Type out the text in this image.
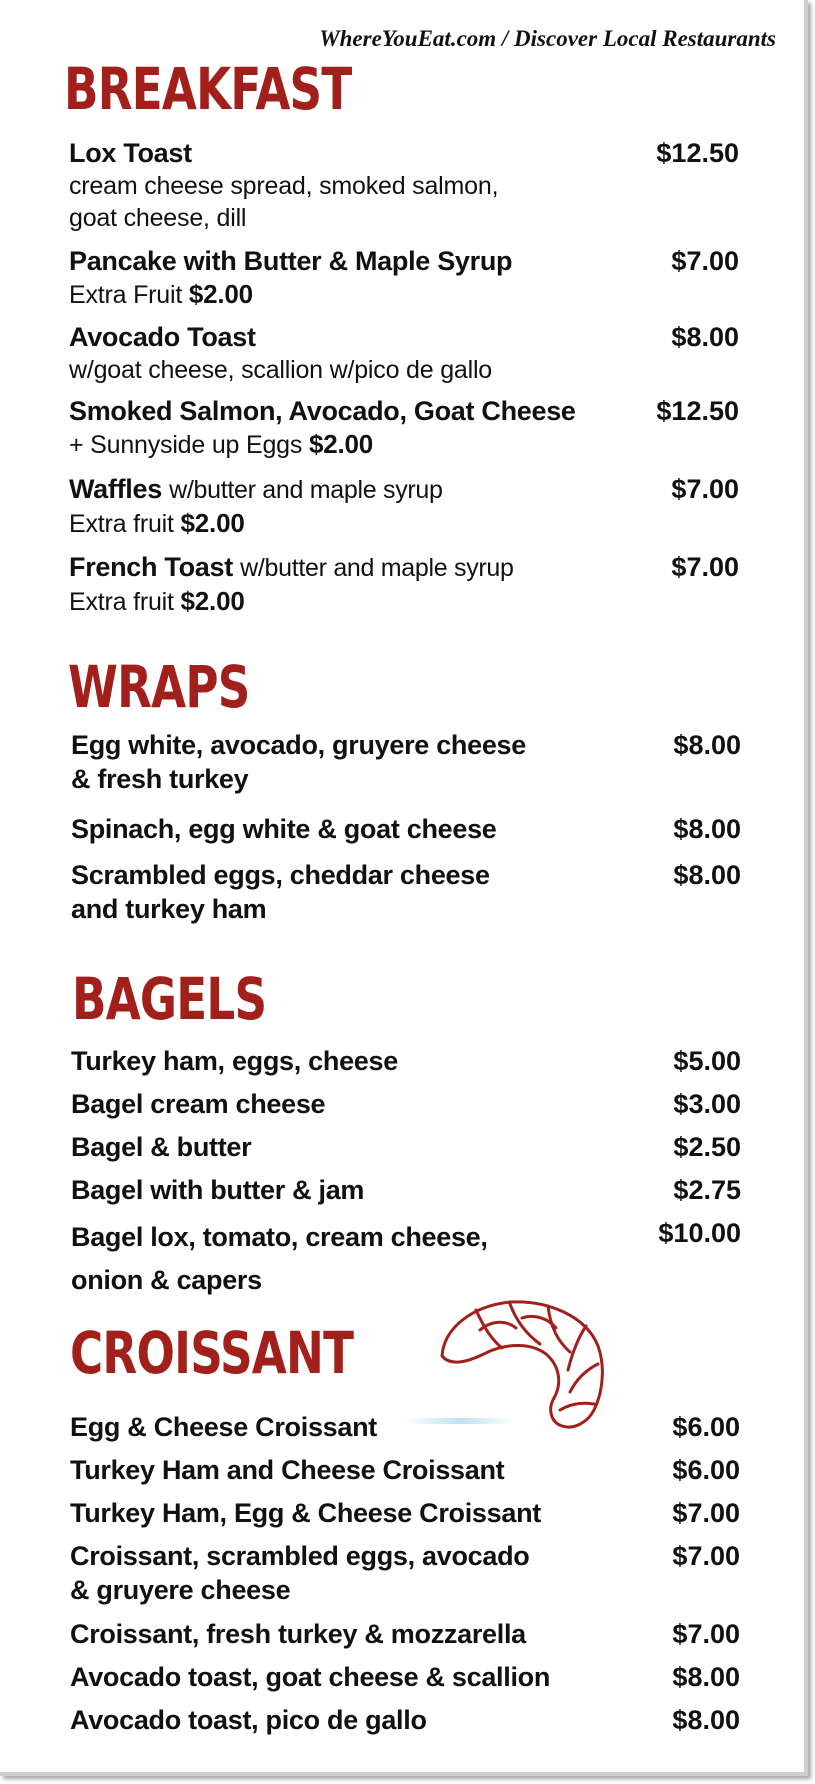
WhereYouEat.com / Discover Local Restaurants
BREAKFAST
Lox Toast
cream cheese spread, smoked salmon,
goat cheese, dill
$12.50
Pancake with Butter & Maple Syrup
Extra Fruit $2.00
$7.00
Avocado Toast
w/goat cheese, scallion w/pico de gallo
$8.00
Smoked Salmon, Avocado, Goat Cheese
+ Sunnyside up Eggs $2.00
$12.50
Waffles w/butter and maple syrup
Extra fruit $2.00
$7.00
French Toast w/butter and maple syrup
Extra fruit $2.00
$7.00
WRAPS
Egg white, avocado, gruyere cheese
& fresh turkey
$8.00
Spinach, egg white & goat cheese	$8.00
Scrambled eggs, cheddar cheese
and turkey ham
$8.00
BAGELS
Turkey ham, eggs, cheese	$5.00
Bagel cream cheese	$3.00
Bagel & butter	$2.50
Bagel with butter & jam	$2.75
Bagel lox, tomato, cream cheese,
onion & capers
$10.00
CROISSANT
Egg & Cheese Croissant	$6.00
Turkey Ham and Cheese Croissant	$6.00
Turkey Ham, Egg & Cheese Croissant	$7.00
Croissant, scrambled eggs, avocado
& gruyere cheese
$7.00
Croissant, fresh turkey & mozzarella	$7.00
Avocado toast, goat cheese & scallion	$8.00
Avocado toast, pico de gallo	$8.00
